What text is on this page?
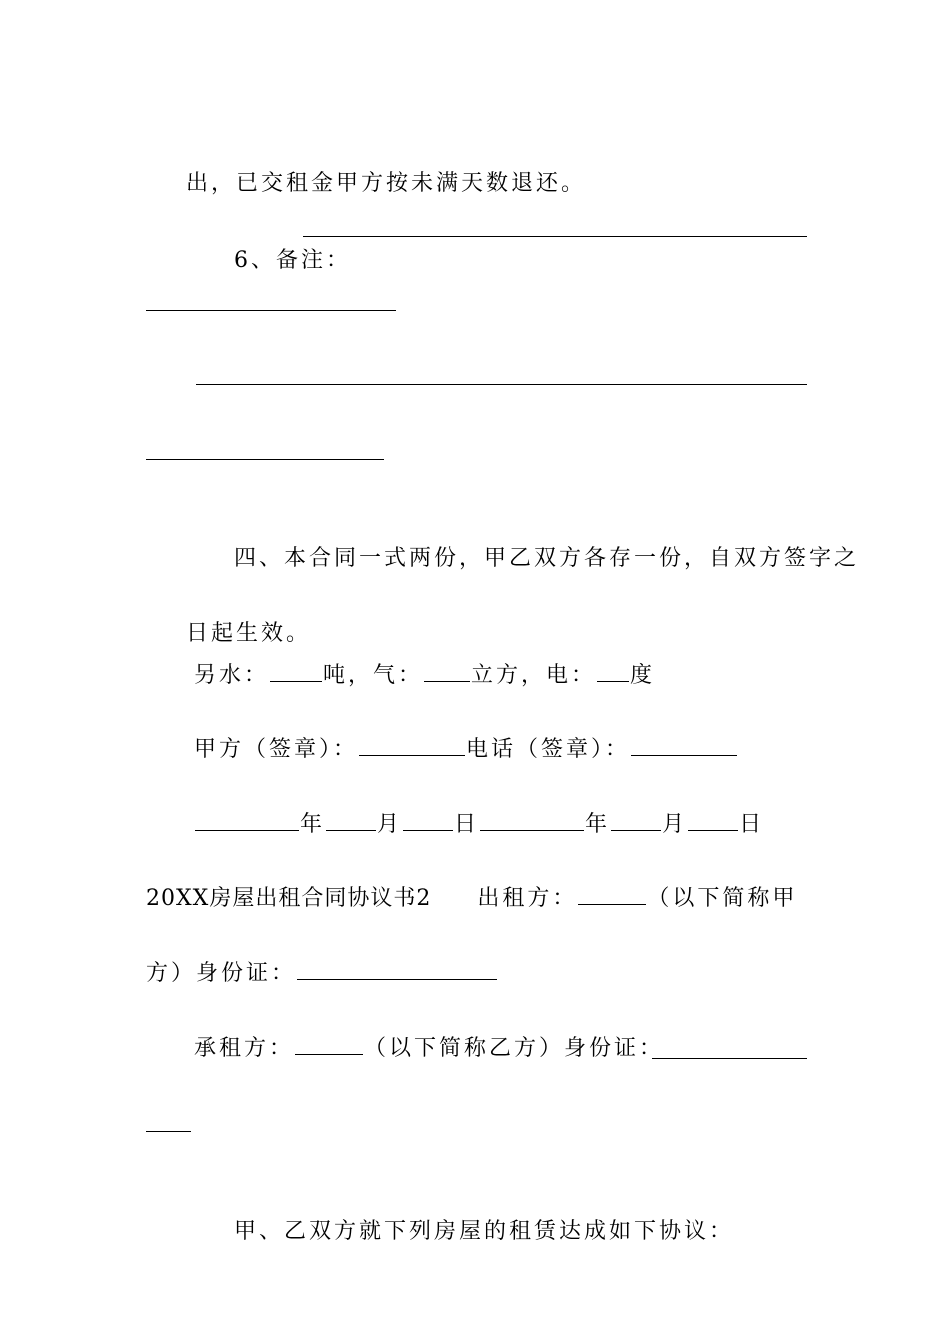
出，已交租金甲方按未满天数退还。

6、备注：

四、本合同一式两份，甲乙双方各存一份，自双方签字之

日起生效。

另水： 吨，气： 立方，电： 度
甲方（签章）：	电话（签章）：
年 月 日	年 月 日
20XX房屋出租合同协议书2 出租方：	（以下简称甲
方）身份证：
承租方：	（以下简称乙方）身份证：

甲、乙双方就下列房屋的租赁达成如下协议：
